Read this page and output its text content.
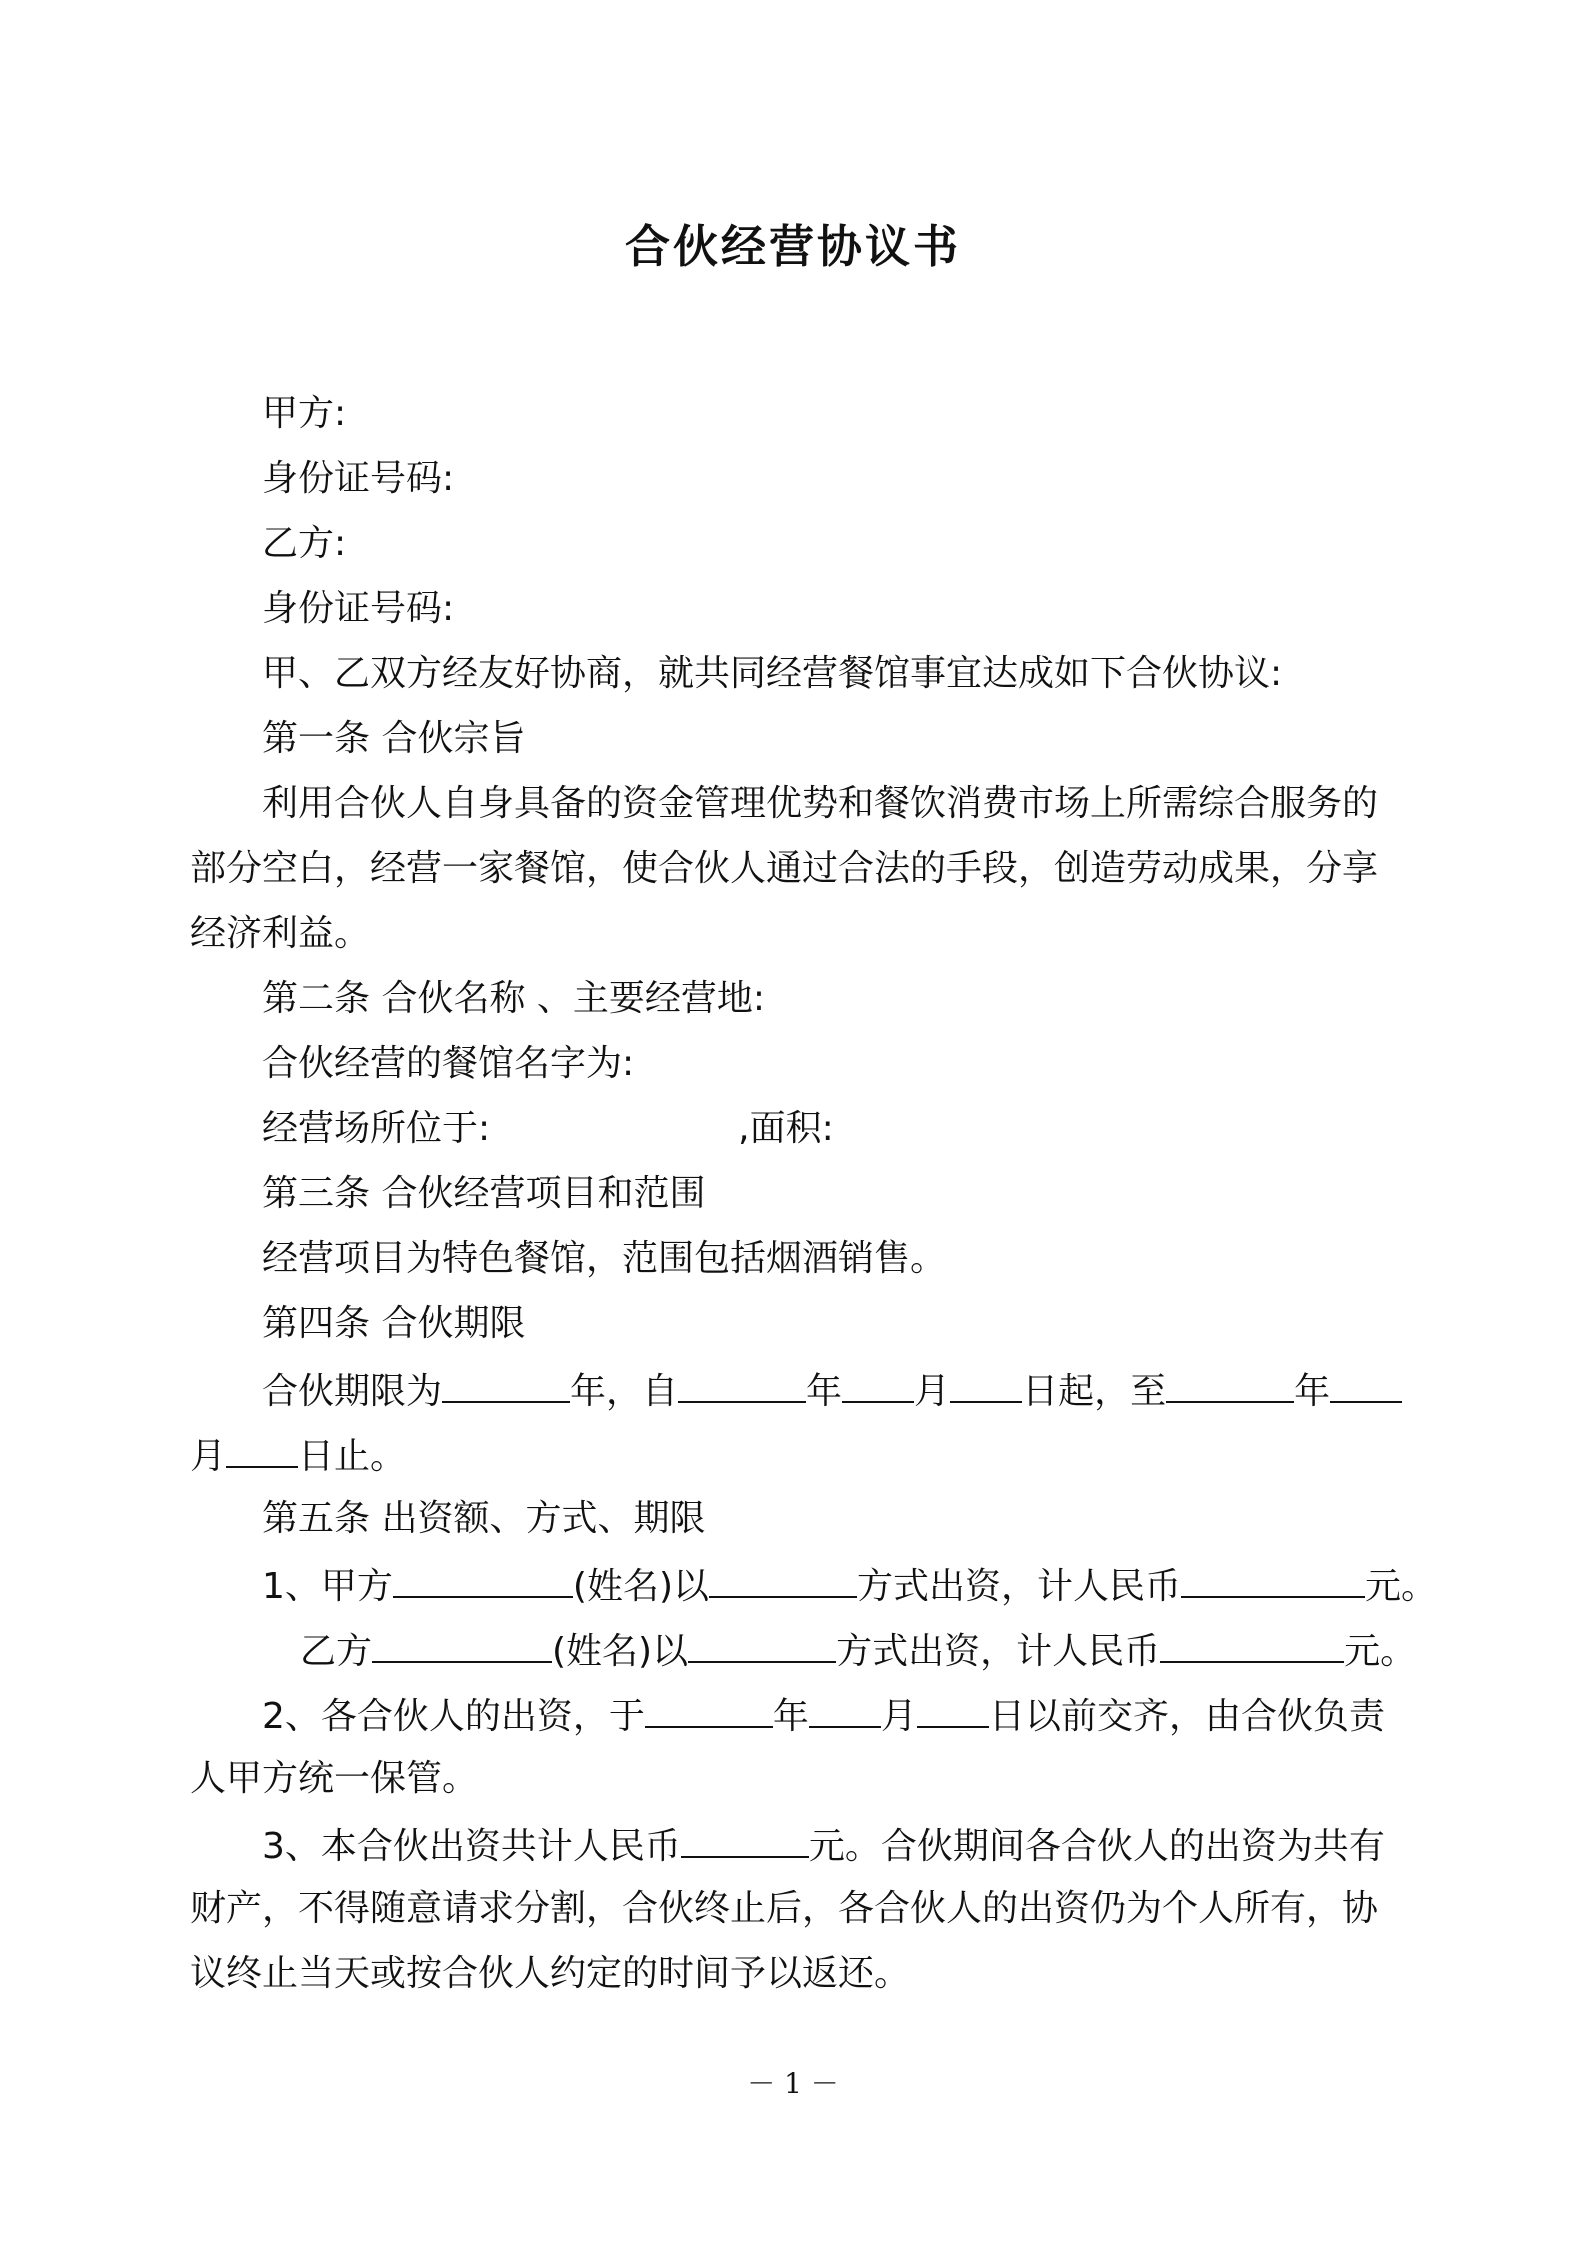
合伙经营协议书
甲方:
身份证号码:
乙方:
身份证号码:
甲、乙双方经友好协商，就共同经营餐馆事宜达成如下合伙协议:
第一条 合伙宗旨
利用合伙人自身具备的资金管理优势和餐饮消费市场上所需综合服务的
部分空白，经营一家餐馆，使合伙人通过合法的手段，创造劳动成果，分享
经济利益。
第二条 合伙名称 、主要经营地:
合伙经营的餐馆名字为:
经营场所位于:	,面积:
第三条 合伙经营项目和范围
经营项目为特色餐馆，范围包括烟酒销售。
第四条 合伙期限
合伙期限为	年，自	年 月 日起，至	年
月 日止。
第五条 出资额、方式、期限
1、甲方	(姓名)以	方式出资，计人民币	元。
乙方	(姓名)以	方式出资，计人民币	元。
2、各合伙人的出资，于	年 月 日以前交齐，由合伙负责
人甲方统一保管。
3、本合伙出资共计人民币	元。合伙期间各合伙人的出资为共有
财产，不得随意请求分割，合伙终止后，各合伙人的出资仍为个人所有，协
议终止当天或按合伙人约定的时间予以返还。
－ 1 －
